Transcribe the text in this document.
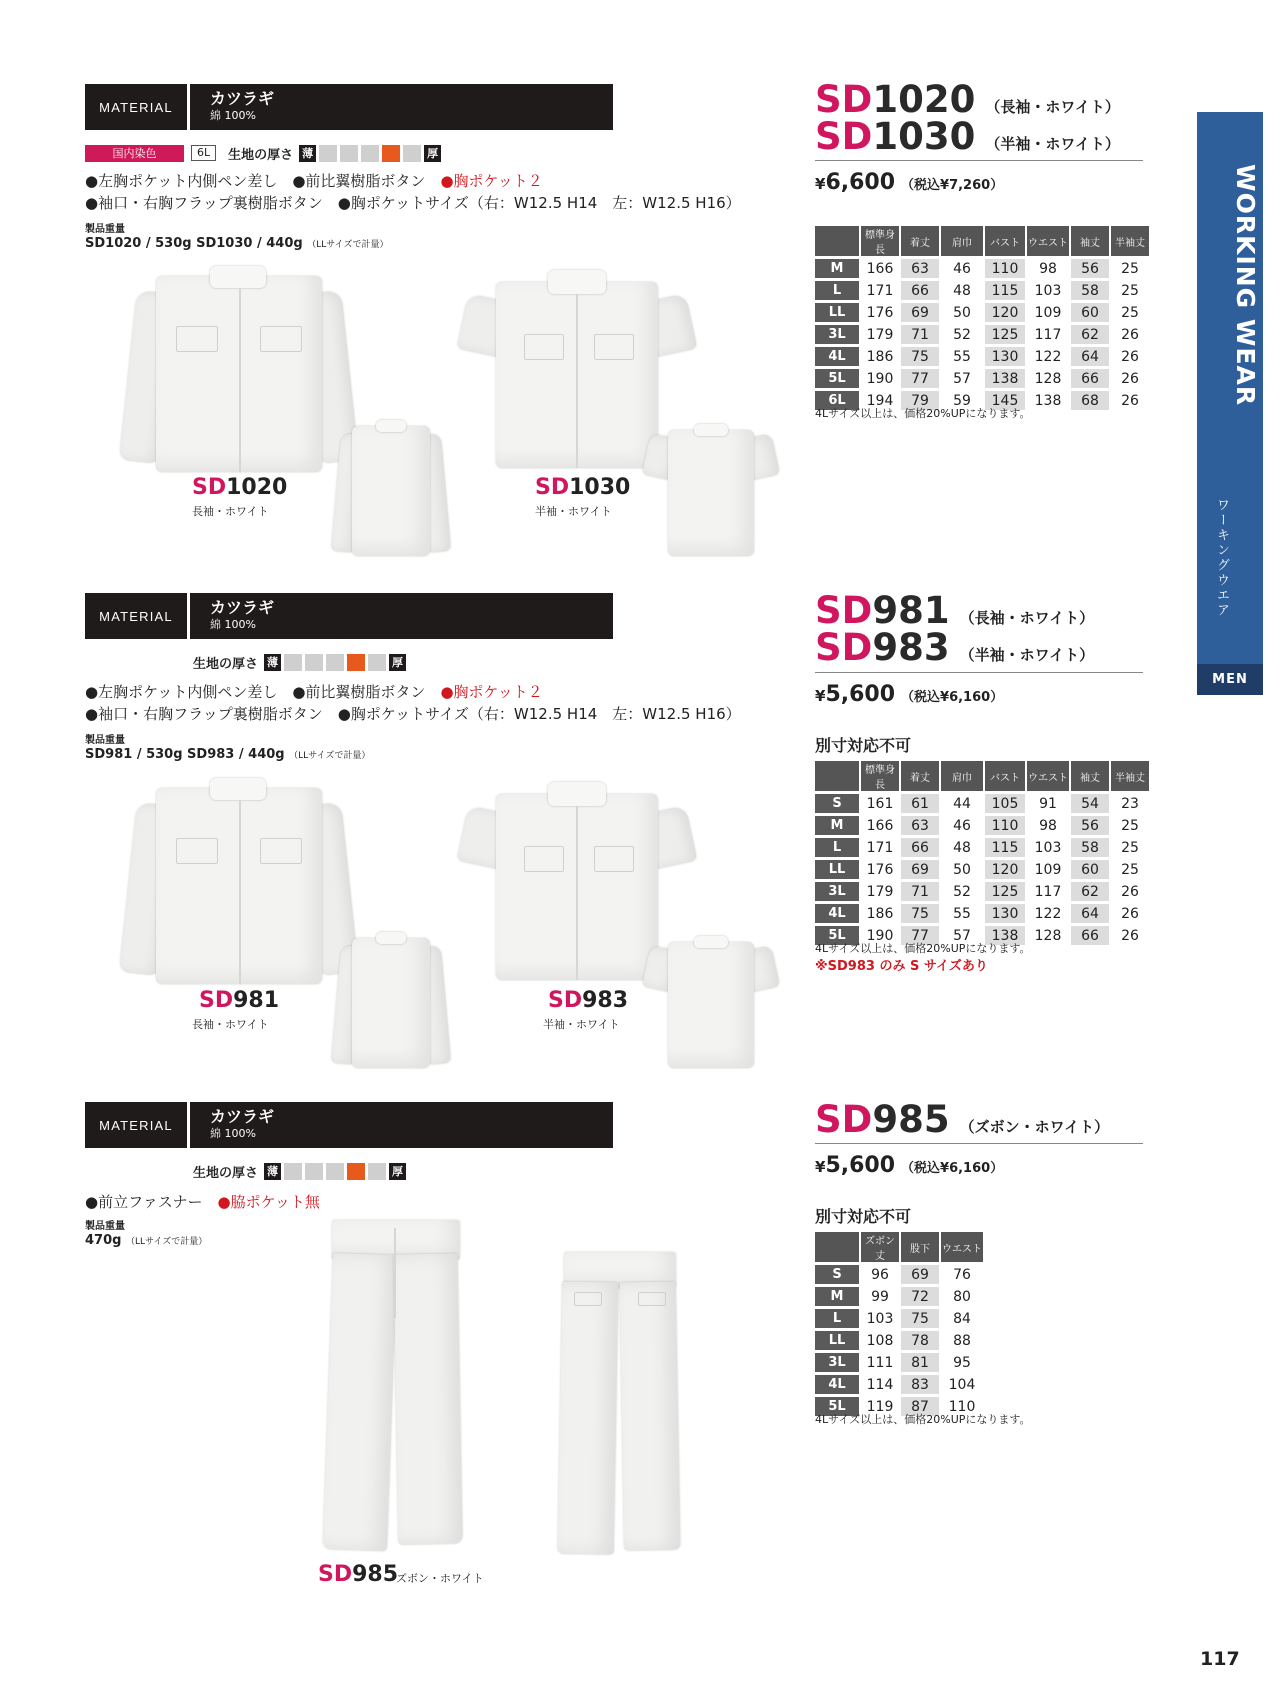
WORKING WEAR
ワーキングウエア
MEN
MATERIAL	カツラギ
綿 100%
国内染色	6L	生地の厚さ 薄	厚
●左胸ポケット内側ペン差し　●前比翼樹脂ボタン　●胸ポケット２
●袖口・右胸フラップ裏樹脂ボタン　●胸ポケットサイズ（右：W12.5 H14　左：W12.5 H16）
製品重量
SD1020 / 530g SD1030 / 440g （LLサイズで計量）
SD1020 （長袖・ホワイト）
SD1030 （半袖・ホワイト）
¥6,600 （税込¥7,260）
	標準身長	着丈	肩巾	バスト	ウエスト	袖丈	半袖丈
M	166	63	46	110	98	56	25
L	171	66	48	115	103	58	25
LL	176	69	50	120	109	60	25
3L	179	71	52	125	117	62	26
4L	186	75	55	130	122	64	26
5L	190	77	57	138	128	66	26
6L	194	79	59	145	138	68	26
4Lサイズ以上は、価格20%UPになります。
SD1020
長袖・ホワイト
SD1030
半袖・ホワイト
MATERIAL	カツラギ
綿 100%
生地の厚さ 薄	厚
●左胸ポケット内側ペン差し　●前比翼樹脂ボタン　●胸ポケット２
●袖口・右胸フラップ裏樹脂ボタン　●胸ポケットサイズ（右：W12.5 H14　左：W12.5 H16）
製品重量
SD981 / 530g SD983 / 440g （LLサイズで計量）
SD981 （長袖・ホワイト）
SD983 （半袖・ホワイト）
¥5,600 （税込¥6,160）
別寸対応不可
	標準身長	着丈	肩巾	バスト	ウエスト	袖丈	半袖丈
S	161	61	44	105	91	54	23
M	166	63	46	110	98	56	25
L	171	66	48	115	103	58	25
LL	176	69	50	120	109	60	25
3L	179	71	52	125	117	62	26
4L	186	75	55	130	122	64	26
5L	190	77	57	138	128	66	26
4Lサイズ以上は、価格20%UPになります。
※SD983 のみ S サイズあり
SD981
長袖・ホワイト
SD983
半袖・ホワイト
MATERIAL	カツラギ
綿 100%
生地の厚さ 薄	厚
●前立ファスナー　●脇ポケット無
製品重量
470g （LLサイズで計量）
SD985 （ズボン・ホワイト）
¥5,600 （税込¥6,160）
別寸対応不可
	ズボン丈	股下	ウエスト
S	96	69	76
M	99	72	80
L	103	75	84
LL	108	78	88
3L	111	81	95
4L	114	83	104
5L	119	87	110
4Lサイズ以上は、価格20%UPになります。
SD985
ズボン・ホワイト
117
